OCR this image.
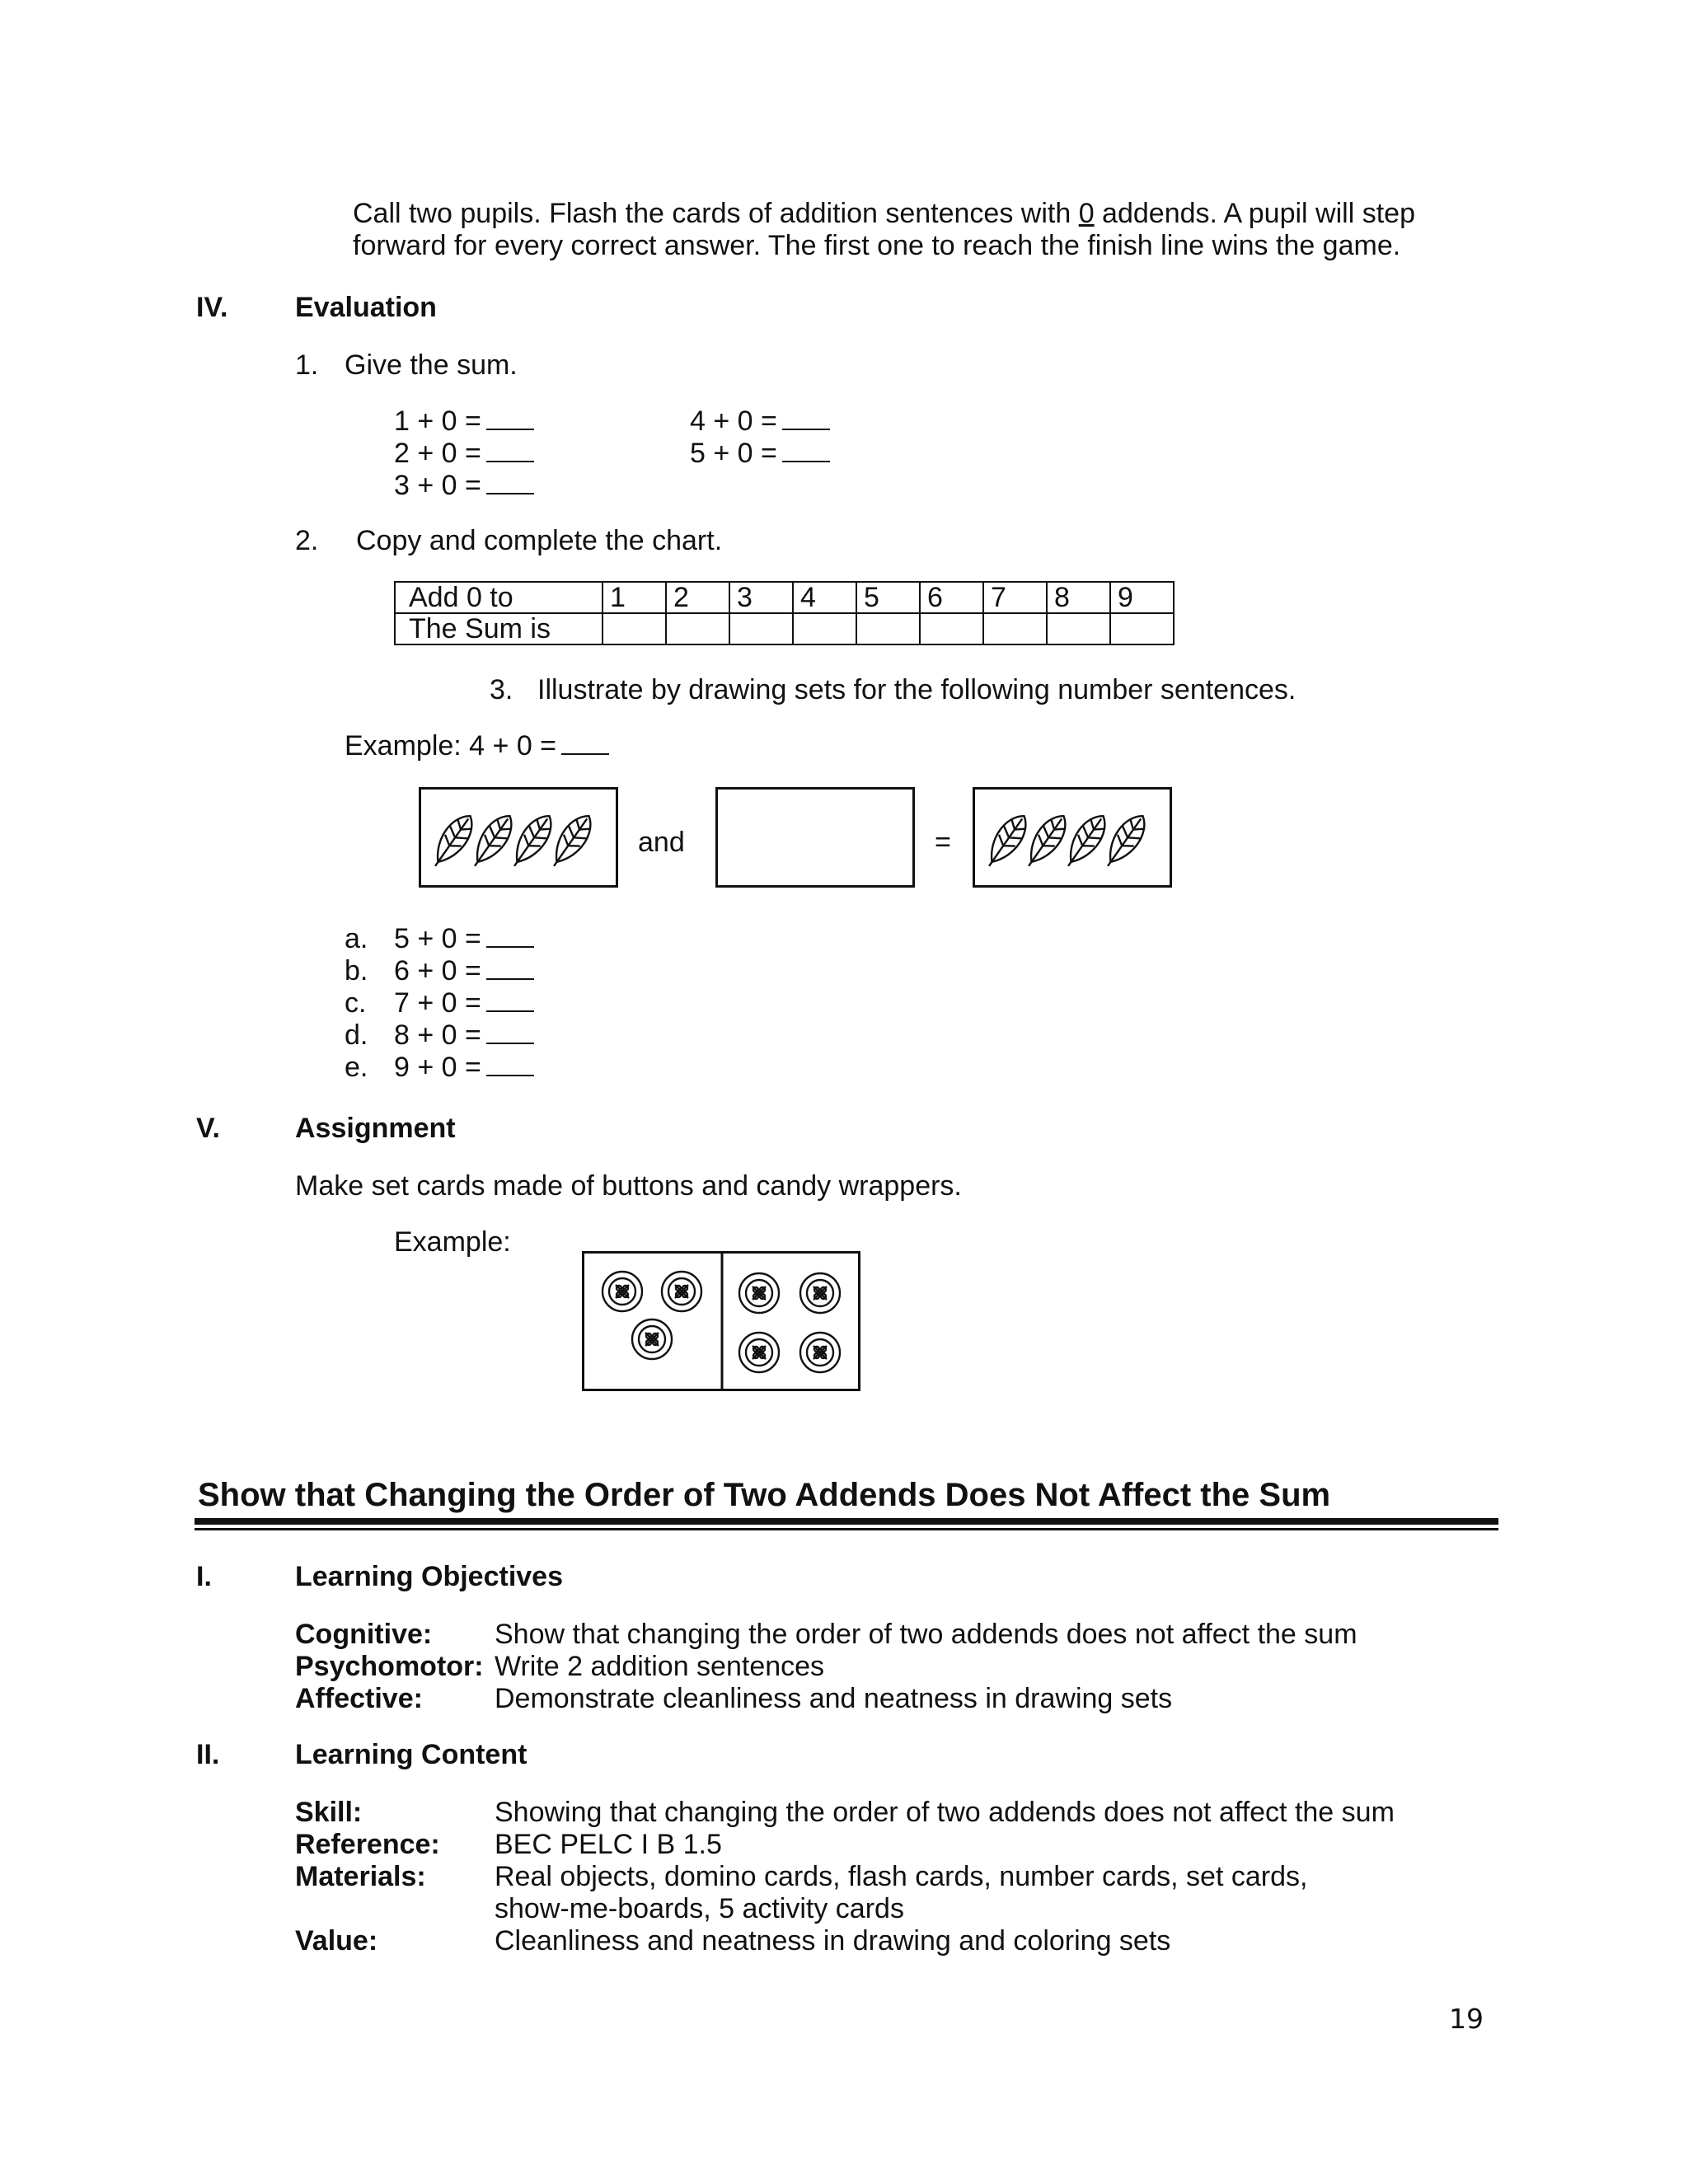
Call two pupils. Flash the cards of addition sentences with 0 addends. A pupil will step
forward for every correct answer. The first one to reach the finish line wins the game.
IV. Evaluation
1. Give the sum.
1 + 0 =
2 + 0 =
3 + 0 =
4 + 0 =
5 + 0 =
2. Copy and complete the chart.
Add 0 to	1	2	3	4	5	6	7	8	9
The Sum is									
3. Illustrate by drawing sets for the following number sentences.
Example: 4 + 0 =
and	=
a. 5 + 0 =
b. 6 + 0 =
c. 7 + 0 =
d. 8 + 0 =
e. 9 + 0 =
V.	Assignment
Make set cards made of buttons and candy wrappers.
Example:
Show that Changing the Order of Two Addends Does Not Affect the Sum
I.	Learning Objectives
Cognitive: Show that changing the order of two addends does not affect the sum
Psychomotor: Write 2 addition sentences
Affective:	Demonstrate cleanliness and neatness in drawing sets
II.	Learning Content
Skill:	Showing that changing the order of two addends does not affect the sum
Reference: BEC PELC I B 1.5
Materials: Real objects, domino cards, flash cards, number cards, set cards,
show-me-boards, 5 activity cards
Value:	Cleanliness and neatness in drawing and coloring sets
19
